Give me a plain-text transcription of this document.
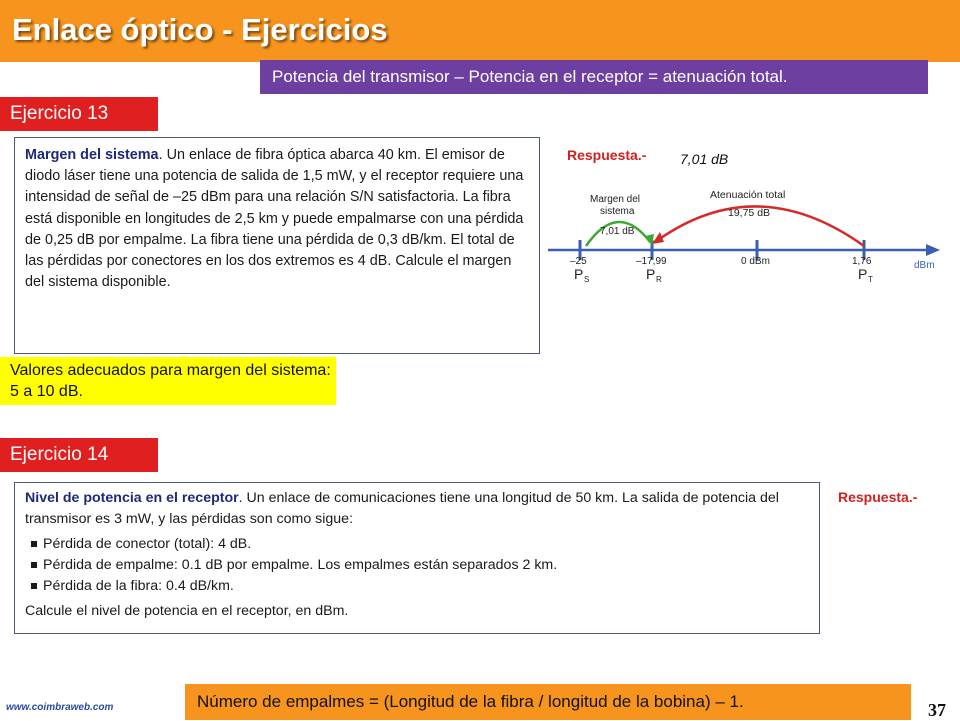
Enlace óptico - Ejercicios
Potencia del transmisor – Potencia en el receptor = atenuación total.
Ejercicio 13
Margen del sistema. Un enlace de fibra óptica abarca 40 km. El emisor de diodo láser tiene una potencia de salida de 1,5 mW, y el receptor requiere una intensidad de señal de –25 dBm para una relación S/N satisfactoria. La fibra está disponible en longitudes de 2,5 km y puede empalmarse con una pérdida de 0,25 dB por empalme. La fibra tiene una pérdida de 0,3 dB/km. El total de las pérdidas por conectores en los dos extremos es 4 dB. Calcule el margen del sistema disponible.
Valores adecuados para margen del sistema: 5 a 10 dB.
Respuesta.- 7,01 dB
Margen del
sistema
7,01 dB
Atenuación total
19,75 dB
–25	–17,99	0 dBm	1,76	dBm
P S	P R	P T
Ejercicio 14
Nivel de potencia en el receptor. Un enlace de comunicaciones tiene una longitud de 50 km. La salida de potencia del transmisor es 3 mW, y las pérdidas son como sigue:
Pérdida de conector (total): 4 dB.
Pérdida de empalme: 0.1 dB por empalme. Los empalmes están separados 2 km.
Pérdida de la fibra: 0.4 dB/km.
Calcule el nivel de potencia en el receptor, en dBm.
Respuesta.-
Número de empalmes = (Longitud de la fibra / longitud de la bobina) – 1.
www.coimbraweb.com	37
